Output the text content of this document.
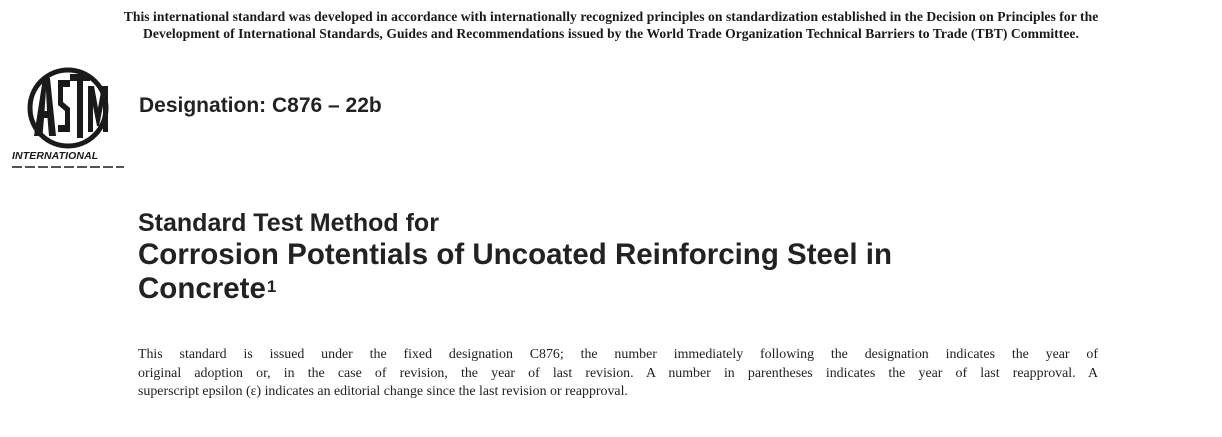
This international standard was developed in accordance with internationally recognized principles on standardization established in the Decision on Principles for the
Development of International Standards, Guides and Recommendations issued by the World Trade Organization Technical Barriers to Trade (TBT) Committee.
INTERNATIONAL
Designation: C876 – 22b
Standard Test Method for
Corrosion Potentials of Uncoated Reinforcing Steel in
Concrete$^1$
This standard is issued under the fixed designation C876; the number immediately following the designation indicates the year of
original adoption or, in the case of revision, the year of last revision. A number in parentheses indicates the year of last reapproval. A
superscript epsilon (ε) indicates an editorial change since the last revision or reapproval.
